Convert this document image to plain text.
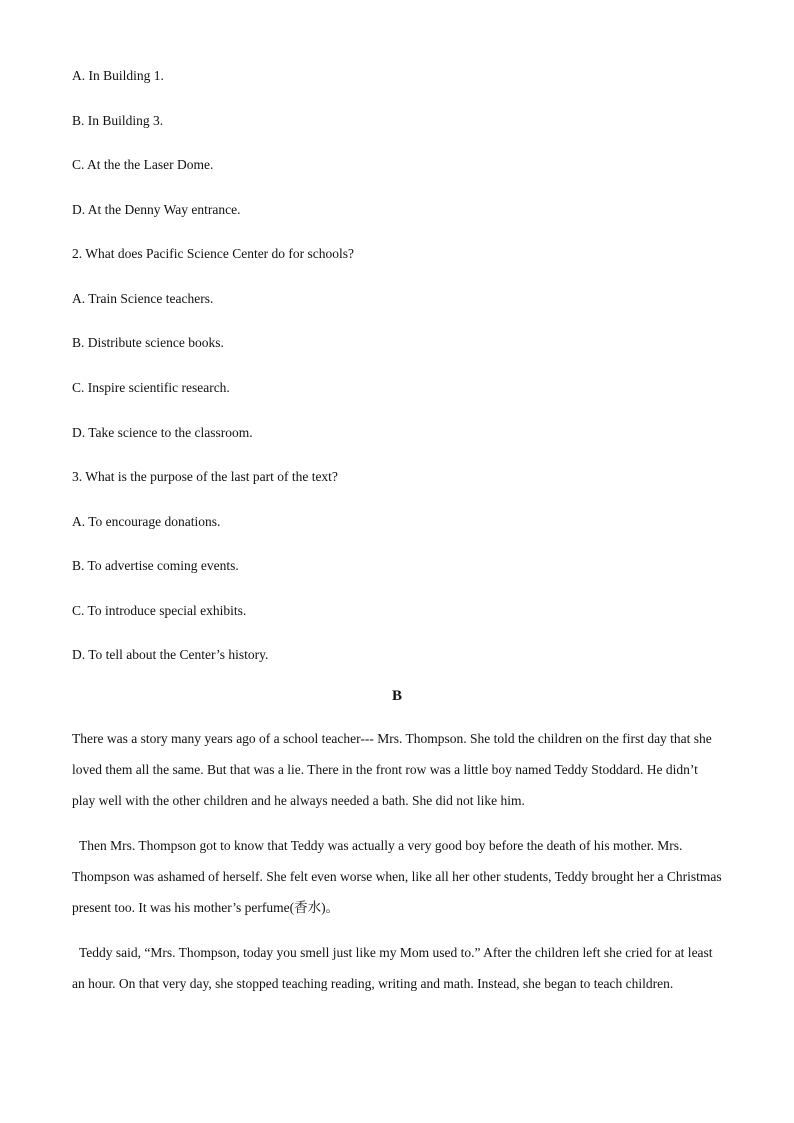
A. In Building 1.
B. In Building 3.
C. At the the Laser Dome.
D. At the Denny Way entrance.
2. What does Pacific Science Center do for schools?
A. Train Science teachers.
B. Distribute science books.
C. Inspire scientific research.
D. Take science to the classroom.
3. What is the purpose of the last part of the text?
A. To encourage donations.
B. To advertise coming events.
C. To introduce special exhibits.
D. To tell about the Center’s history.
B

There was a story many years ago of a school teacher--- Mrs. Thompson. She told the children on the first day that she loved them all the same. But that was a lie. There in the front row was a little boy named Teddy Stoddard. He didn’t play well with the other children and he always needed a bath. She did not like him.

Then Mrs. Thompson got to know that Teddy was actually a very good boy before the death of his mother. Mrs. Thompson was ashamed of herself. She felt even worse when, like all her other students, Teddy brought her a Christmas present too. It was his mother’s perfume(香水)。

Teddy said, “Mrs. Thompson, today you smell just like my Mom used to.” After the children left she cried for at least an hour. On that very day, she stopped teaching reading, writing and math. Instead, she began to teach children.
